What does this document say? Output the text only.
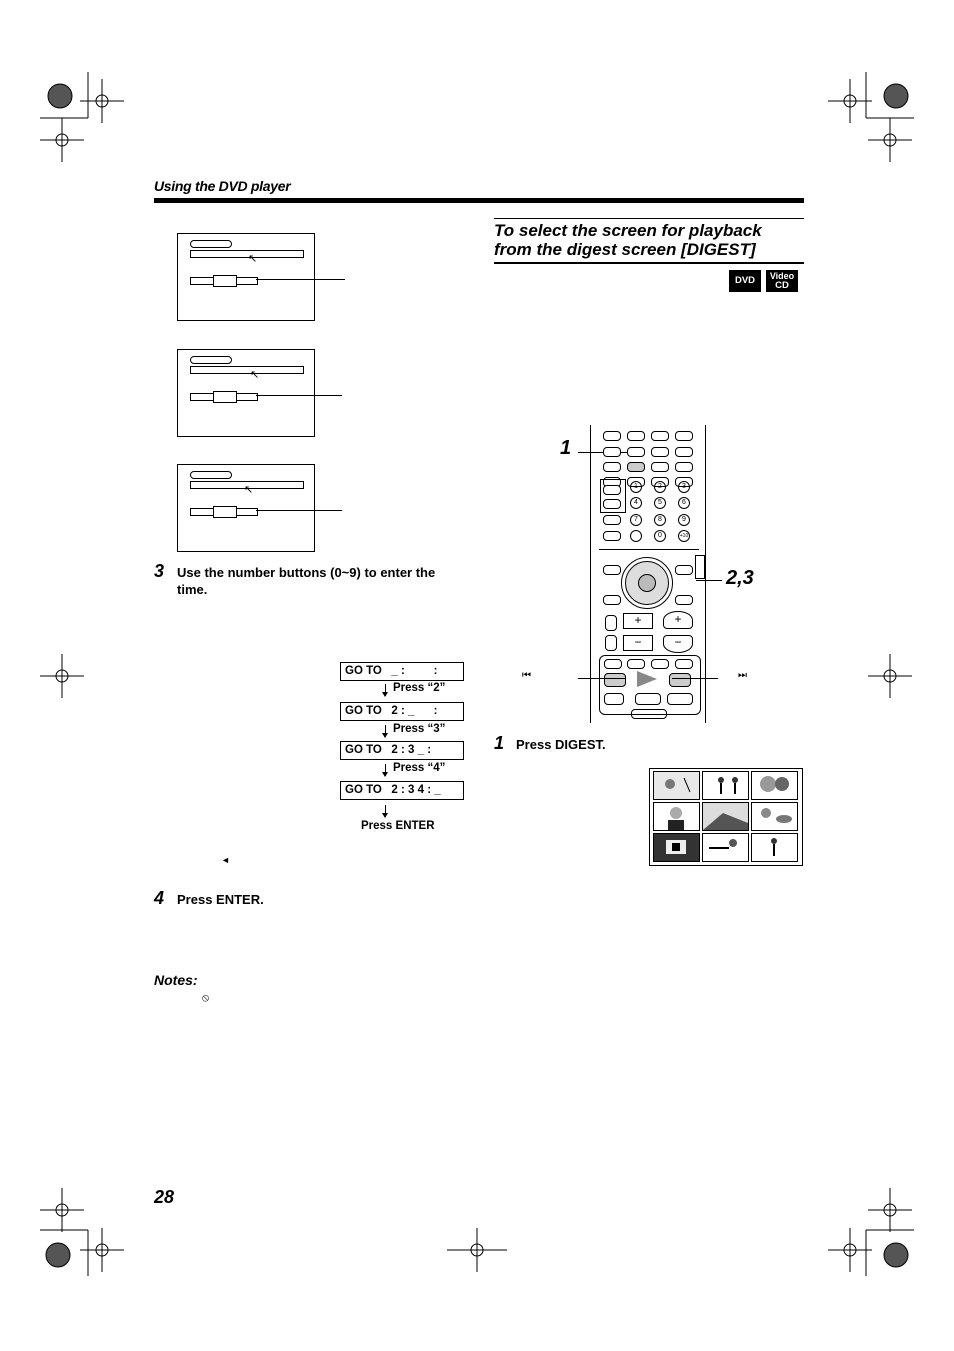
Using the DVD player
↖
↖
↖
3 Use the number buttons (0~9) to enter the time.
GO TO   _ :         :
Press “2”
GO TO   2 : _      :
Press “3”
GO TO   2 : 3 _ :
Press “4”
GO TO   2 : 3 4 : _
Press ENTER
◄
4 Press ENTER.
Notes:
⦸
To select the screen for playback
from the digest screen [DIGEST]
DVD	Video
CD
1
2,3
1	2	3
4	5	6
7	8	9
0	+10
+	+
−	−
⏮	⏭
1 Press DIGEST.
28
